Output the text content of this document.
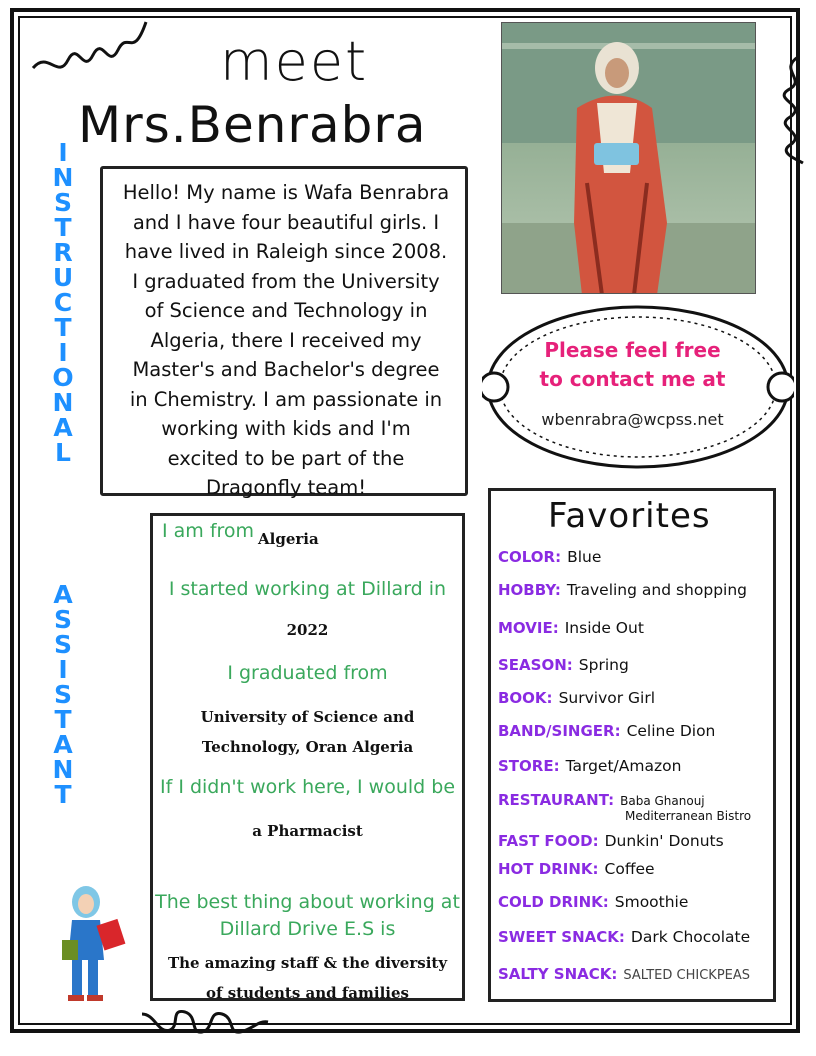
meet
Mrs.Benrabra
I
N
S
T
R
U
C
T
I
O
N
A
L
A
S
S
I
S
T
A
N
T
Hello! My name is Wafa Benrabra
and I have four beautiful girls. I
have lived in Raleigh since 2008.
I graduated from the University
of Science and Technology in
Algeria, there I received my
Master's and Bachelor's degree
in Chemistry. I am passionate in
working with kids and I'm
excited to be part of the
Dragonfly team!
Please feel free
to contact me at
wbenrabra@wcpss.net
I am from Algeria
I started working at Dillard in
2022
I graduated from
University of Science and
Technology, Oran Algeria
If I didn't work here, I would be
a Pharmacist
The best thing about working at
Dillard Drive E.S is
The amazing staff & the diversity
of students and families
Favorites
COLOR: Blue
HOBBY: Traveling and shopping
MOVIE: Inside Out
SEASON: Spring
BOOK: Survivor Girl
BAND/SINGER: Celine Dion
STORE: Target/Amazon
RESTAURANT: Baba Ghanouj
Mediterranean Bistro
FAST FOOD: Dunkin' Donuts
HOT DRINK: Coffee
COLD DRINK: Smoothie
SWEET SNACK: Dark Chocolate
SALTY SNACK: SALTED CHICKPEAS
